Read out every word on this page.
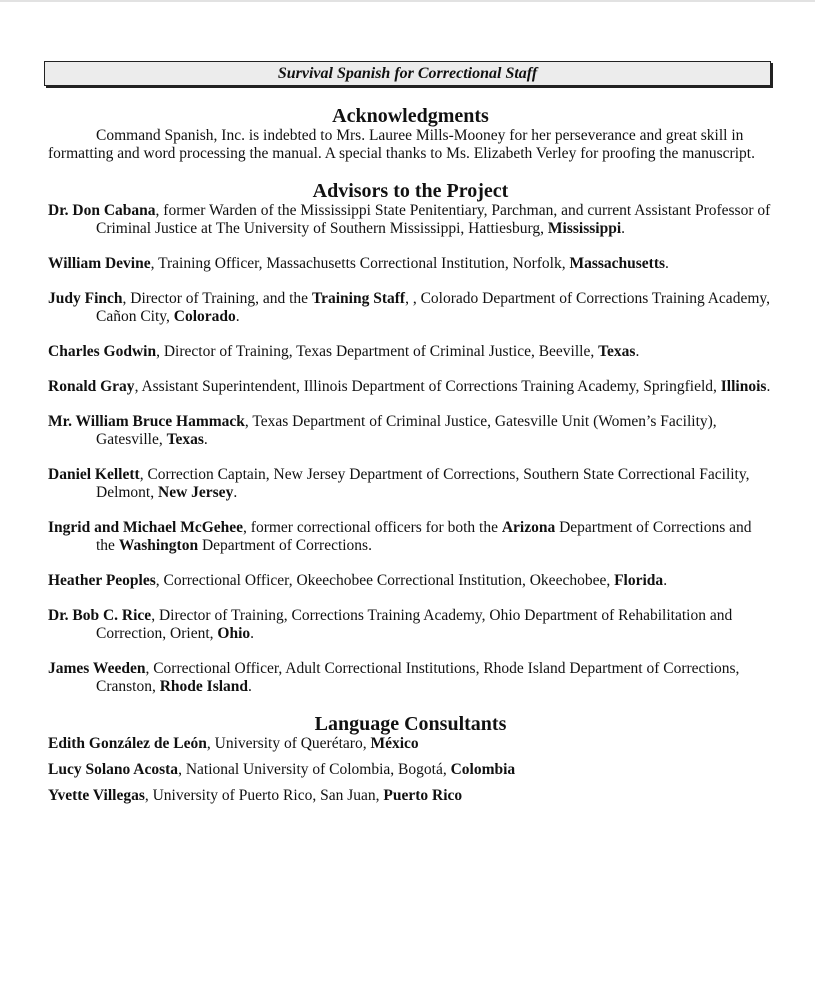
Survival Spanish for Correctional Staff
Acknowledgments

Command Spanish, Inc. is indebted to Mrs. Lauree Mills-Mooney for her perseverance and great skill in formatting and word processing the manual. A special thanks to Ms. Elizabeth Verley for proofing the manuscript.

Advisors to the Project

Dr. Don Cabana, former Warden of the Mississippi State Penitentiary, Parchman, and current Assistant Professor of Criminal Justice at The University of Southern Mississippi, Hattiesburg, Mississippi.

William Devine, Training Officer, Massachusetts Correctional Institution, Norfolk, Massachusetts.

Judy Finch, Director of Training, and the Training Staff, , Colorado Department of Corrections Training Academy, Cañon City, Colorado.

Charles Godwin, Director of Training, Texas Department of Criminal Justice, Beeville, Texas.

Ronald Gray, Assistant Superintendent, Illinois Department of Corrections Training Academy, Springfield, Illinois.

Mr. William Bruce Hammack, Texas Department of Criminal Justice, Gatesville Unit (Women’s Facility), Gatesville, Texas.

Daniel Kellett, Correction Captain, New Jersey Department of Corrections, Southern State Correctional Facility, Delmont, New Jersey.

Ingrid and Michael McGehee, former correctional officers for both the Arizona Department of Corrections and the Washington Department of Corrections.

Heather Peoples, Correctional Officer, Okeechobee Correctional Institution, Okeechobee, Florida.

Dr. Bob C. Rice, Director of Training, Corrections Training Academy, Ohio Department of Rehabilitation and Correction, Orient, Ohio.

James Weeden, Correctional Officer, Adult Correctional Institutions, Rhode Island Department of Corrections, Cranston, Rhode Island.

Language Consultants

Edith González de León, University of Querétaro, México

Lucy Solano Acosta, National University of Colombia, Bogotá, Colombia

Yvette Villegas, University of Puerto Rico, San Juan, Puerto Rico
